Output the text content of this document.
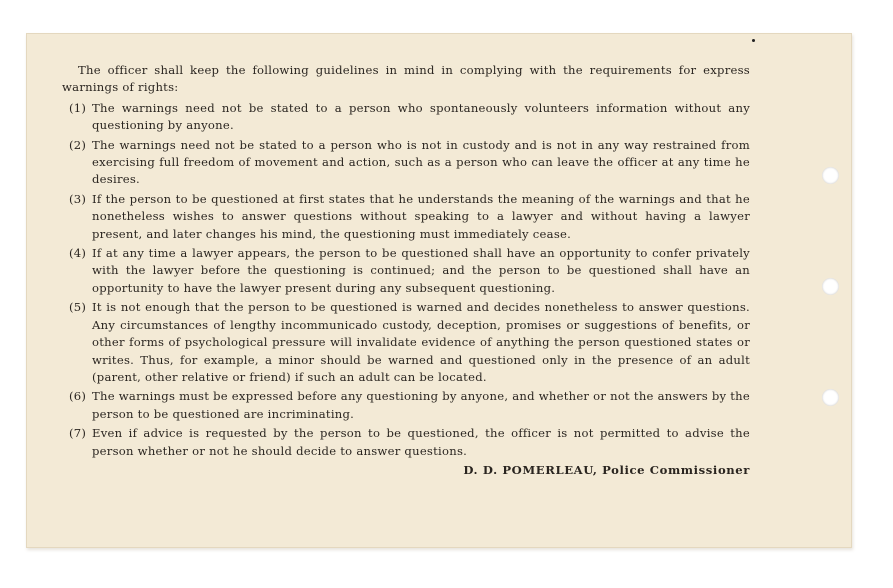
The officer shall keep the following guidelines in mind in complying with the requirements for express warnings of rights:

(1) The warnings need not be stated to a person who spontaneously volunteers information without any questioning by anyone.
(2) The warnings need not be stated to a person who is not in custody and is not in any way restrained from exercising full freedom of movement and action, such as a person who can leave the officer at any time he desires.
(3) If the person to be questioned at first states that he understands the meaning of the warnings and that he nonetheless wishes to answer questions without speaking to a lawyer and without having a lawyer present, and later changes his mind, the questioning must immediately cease.
(4) If at any time a lawyer appears, the person to be questioned shall have an opportunity to confer privately with the lawyer before the questioning is continued; and the person to be questioned shall have an opportunity to have the lawyer present during any subsequent questioning.
(5) It is not enough that the person to be questioned is warned and decides nonetheless to answer questions. Any circumstances of lengthy incommunicado custody, deception, promises or suggestions of benefits, or other forms of psychological pressure will invalidate evidence of anything the person questioned states or writes. Thus, for example, a minor should be warned and questioned only in the presence of an adult (parent, other relative or friend) if such an adult can be located.
(6) The warnings must be expressed before any questioning by anyone, and whether or not the answers by the person to be questioned are incriminating.
(7) Even if advice is requested by the person to be questioned, the officer is not permitted to advise the person whether or not he should decide to answer questions.
D. D. POMERLEAU, Police Commissioner
